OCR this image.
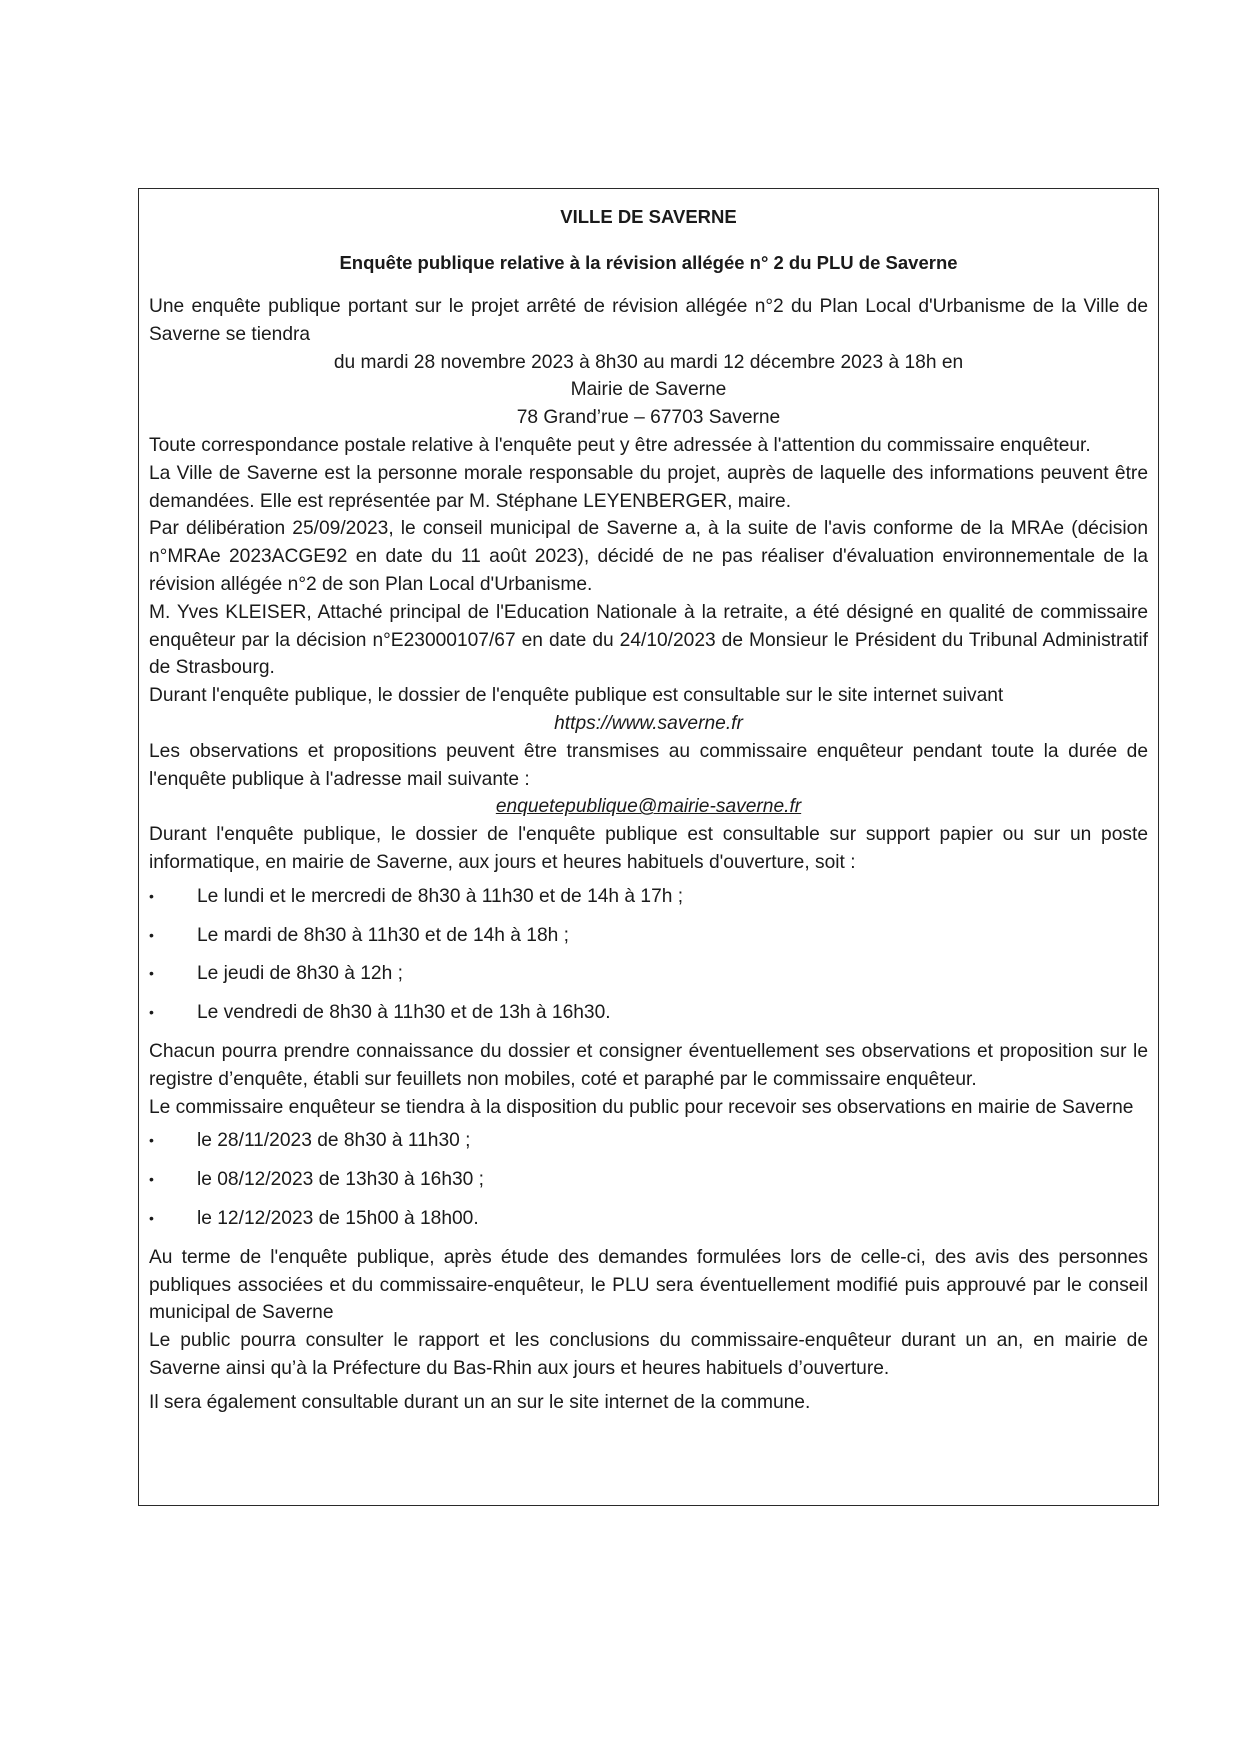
VILLE DE SAVERNE
Enquête publique relative à la révision allégée n° 2 du PLU de Saverne

Une enquête publique portant sur le projet arrêté de révision allégée n°2 du Plan Local d'Urbanisme de la Ville de Saverne se tiendra

du mardi 28 novembre 2023 à 8h30 au mardi 12 décembre 2023 à 18h en

Mairie de Saverne

78 Grand’rue – 67703 Saverne

Toute correspondance postale relative à l'enquête peut y être adressée à l'attention du commissaire enquêteur.

La Ville de Saverne est la personne morale responsable du projet, auprès de laquelle des informations peuvent être demandées. Elle est représentée par M. Stéphane LEYENBERGER, maire.

Par délibération 25/09/2023, le conseil municipal de Saverne a, à la suite de l'avis conforme de la MRAe (décision n°MRAe 2023ACGE92 en date du 11 août 2023), décidé de ne pas réaliser d'évaluation environnementale de la révision allégée n°2 de son Plan Local d'Urbanisme.

M. Yves KLEISER, Attaché principal de l'Education Nationale à la retraite, a été désigné en qualité de commissaire enquêteur par la décision n°E23000107/67 en date du 24/10/2023 de Monsieur le Président du Tribunal Administratif de Strasbourg.

Durant l'enquête publique, le dossier de l'enquête publique est consultable sur le site internet suivant

https://www.saverne.fr

Les observations et propositions peuvent être transmises au commissaire enquêteur pendant toute la durée de l'enquête publique à l'adresse mail suivante :

enquetepublique@mairie-saverne.fr

Durant l'enquête publique, le dossier de l'enquête publique est consultable sur support papier ou sur un poste informatique, en mairie de Saverne, aux jours et heures habituels d'ouverture, soit :

• Le lundi et le mercredi de 8h30 à 11h30 et de 14h à 17h ;
• Le mardi de 8h30 à 11h30 et de 14h à 18h ;
• Le jeudi de 8h30 à 12h ;
• Le vendredi de 8h30 à 11h30 et de 13h à 16h30.

Chacun pourra prendre connaissance du dossier et consigner éventuellement ses observations et proposition sur le registre d’enquête, établi sur feuillets non mobiles, coté et paraphé par le commissaire enquêteur.

Le commissaire enquêteur se tiendra à la disposition du public pour recevoir ses observations en mairie de Saverne

• le 28/11/2023 de 8h30 à 11h30 ;
• le 08/12/2023 de 13h30 à 16h30 ;
• le 12/12/2023 de 15h00 à 18h00.

Au terme de l'enquête publique, après étude des demandes formulées lors de celle-ci, des avis des personnes publiques associées et du commissaire-enquêteur, le PLU sera éventuellement modifié puis approuvé par le conseil municipal de Saverne

Le public pourra consulter le rapport et les conclusions du commissaire-enquêteur durant un an, en mairie de Saverne ainsi qu’à la Préfecture du Bas-Rhin aux jours et heures habituels d’ouverture.

Il sera également consultable durant un an sur le site internet de la commune.
